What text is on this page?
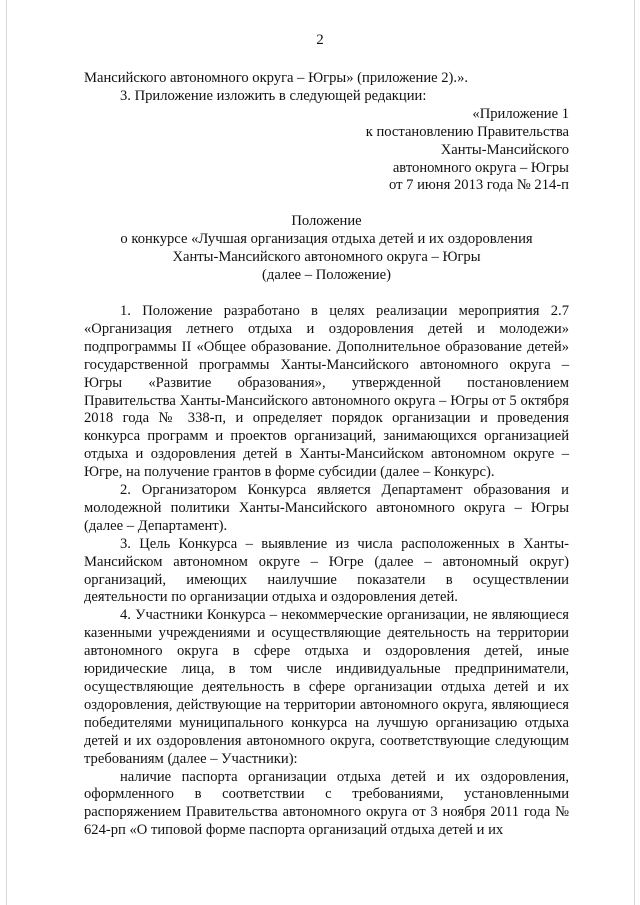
2

Мансийского автономного округа – Югры» (приложение 2).».

3. Приложение изложить в следующей редакции:

«Приложение 1

к постановлению Правительства

Ханты-Мансийского

автономного округа – Югры

от 7 июня 2013 года № 214-п

Положение

о конкурсе «Лучшая организация отдыха детей и их оздоровления

Ханты-Мансийского автономного округа – Югры

(далее – Положение)

1. Положение разработано в целях реализации мероприятия 2.7 «Организация летнего отдыха и оздоровления детей и молодежи» подпрограммы II «Общее образование. Дополнительное образование детей» государственной программы Ханты-Мансийского автономного округа – Югры «Развитие образования», утвержденной постановлением Правительства Ханты-Мансийского автономного округа – Югры от 5 октября 2018 года № 338-п, и определяет порядок организации и проведения конкурса программ и проектов организаций, занимающихся организацией отдыха и оздоровления детей в Ханты-Мансийском автономном округе – Югре, на получение грантов в форме субсидии (далее – Конкурс).

2. Организатором Конкурса является Департамент образования и молодежной политики Ханты-Мансийского автономного округа – Югры (далее – Департамент).

3. Цель Конкурса – выявление из числа расположенных в Ханты-Мансийском автономном округе – Югре (далее – автономный округ) организаций, имеющих наилучшие показатели в осуществлении деятельности по организации отдыха и оздоровления детей.

4. Участники Конкурса – некоммерческие организации, не являющиеся казенными учреждениями и осуществляющие деятельность на территории автономного округа в сфере отдыха и оздоровления детей, иные юридические лица, в том числе индивидуальные предприниматели, осуществляющие деятельность в сфере организации отдыха детей и их оздоровления, действующие на территории автономного округа, являющиеся победителями муниципального конкурса на лучшую организацию отдыха детей и их оздоровления автономного округа, соответствующие следующим требованиям (далее – Участники):

наличие паспорта организации отдыха детей и их оздоровления, оформленного в соответствии с требованиями, установленными распоряжением Правительства автономного округа от 3 ноября 2011 года № 624-рп «О типовой форме паспорта организаций отдыха детей и их
